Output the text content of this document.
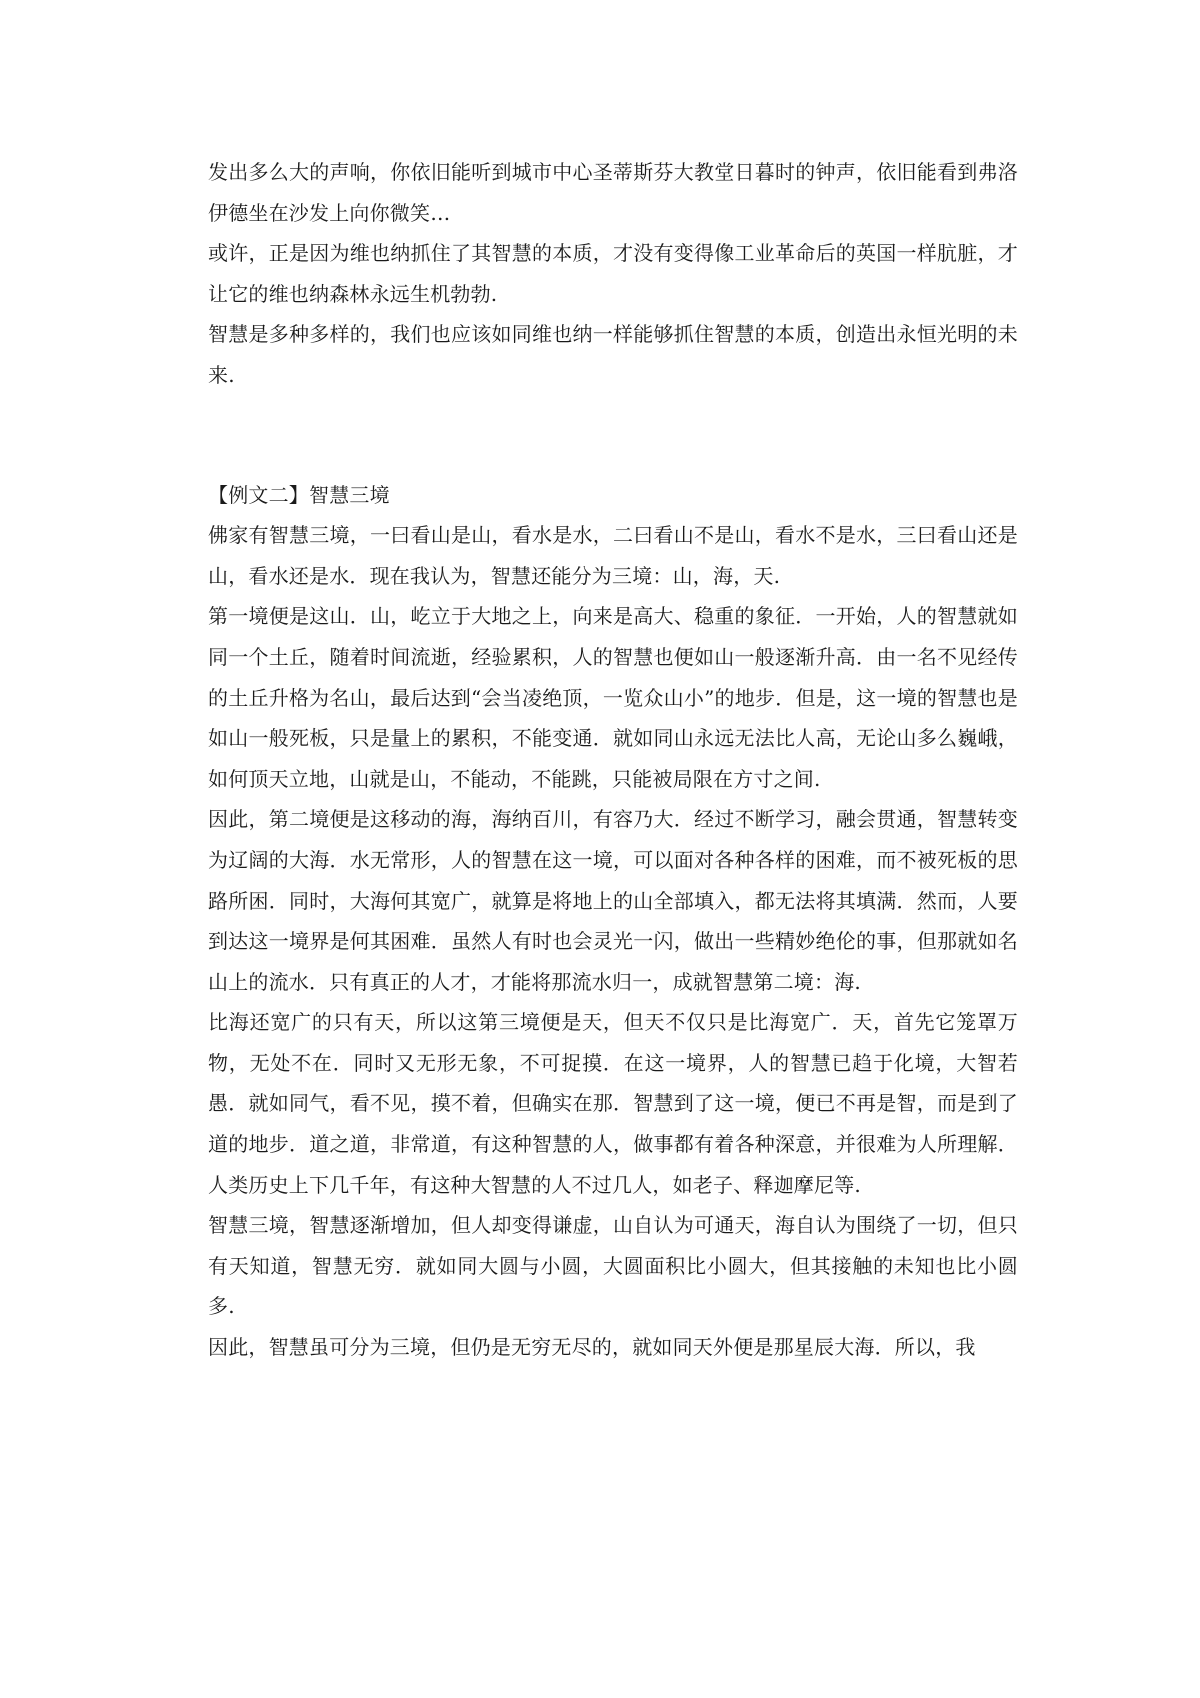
发出多么大的声响，你依旧能听到城市中心圣蒂斯芬大教堂日暮时的钟声，依旧能看到弗洛伊德坐在沙发上向你微笑…

或许，正是因为维也纳抓住了其智慧的本质，才没有变得像工业革命后的英国一样肮脏，才让它的维也纳森林永远生机勃勃.

智慧是多种多样的，我们也应该如同维也纳一样能够抓住智慧的本质，创造出永恒光明的未来.

【例文二】智慧三境

佛家有智慧三境，一曰看山是山，看水是水，二曰看山不是山，看水不是水，三曰看山还是山，看水还是水．现在我认为，智慧还能分为三境：山，海，天.

第一境便是这山．山，屹立于大地之上，向来是高大、稳重的象征．一开始，人的智慧就如同一个土丘，随着时间流逝，经验累积，人的智慧也便如山一般逐渐升高．由一名不见经传的土丘升格为名山，最后达到“会当凌绝顶，一览众山小”的地步．但是，这一境的智慧也是如山一般死板，只是量上的累积，不能变通．就如同山永远无法比人高，无论山多么巍峨，如何顶天立地，山就是山，不能动，不能跳，只能被局限在方寸之间.

因此，第二境便是这移动的海，海纳百川，有容乃大．经过不断学习，融会贯通，智慧转变为辽阔的大海．水无常形，人的智慧在这一境，可以面对各种各样的困难，而不被死板的思路所困．同时，大海何其宽广，就算是将地上的山全部填入，都无法将其填满．然而，人要到达这一境界是何其困难．虽然人有时也会灵光一闪，做出一些精妙绝伦的事，但那就如名山上的流水．只有真正的人才，才能将那流水归一，成就智慧第二境：海.

比海还宽广的只有天，所以这第三境便是天，但天不仅只是比海宽广．天，首先它笼罩万物，无处不在．同时又无形无象，不可捉摸．在这一境界，人的智慧已趋于化境，大智若愚．就如同气，看不见，摸不着，但确实在那．智慧到了这一境，便已不再是智，而是到了道的地步．道之道，非常道，有这种智慧的人，做事都有着各种深意，并很难为人所理解．人类历史上下几千年，有这种大智慧的人不过几人，如老子、释迦摩尼等.

智慧三境，智慧逐渐增加，但人却变得谦虚，山自认为可通天，海自认为围绕了一切，但只有天知道，智慧无穷．就如同大圆与小圆，大圆面积比小圆大，但其接触的未知也比小圆多.

因此，智慧虽可分为三境，但仍是无穷无尽的，就如同天外便是那星辰大海．所以，我
